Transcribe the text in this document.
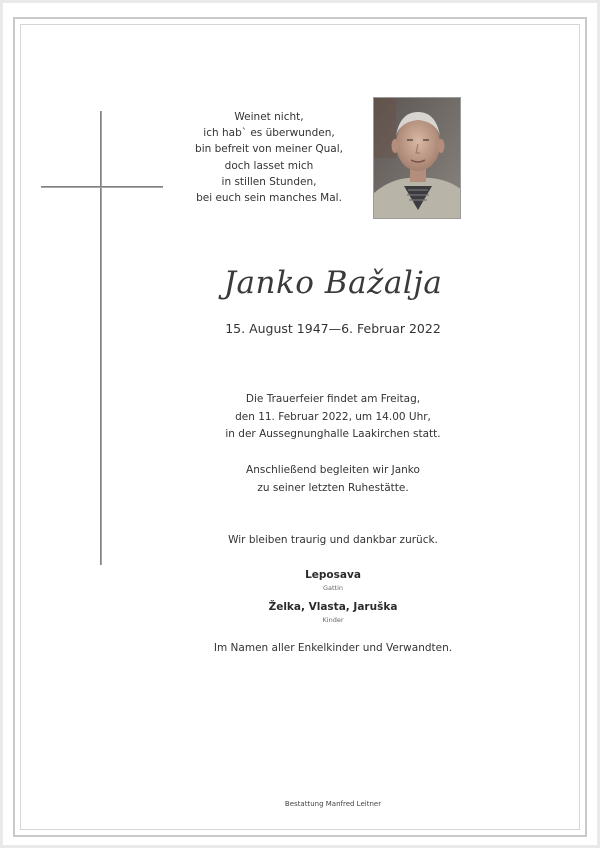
Weinet nicht,
ich hab` es überwunden,
bin befreit von meiner Qual,
doch lasset mich
in stillen Stunden,
bei euch sein manches Mal.
Janko Bažalja
15. August 1947—6. Februar 2022
Die Trauerfeier findet am Freitag,
den 11. Februar 2022, um 14.00 Uhr,
in der Aussegnunghalle Laakirchen statt.
Anschließend begleiten wir Janko
zu seiner letzten Ruhestätte.
Wir bleiben traurig und dankbar zurück.
Leposava
Gattin
Želka, Vlasta, Jaruška
Kinder
Im Namen aller Enkelkinder und Verwandten.
Bestattung Manfred Leitner
